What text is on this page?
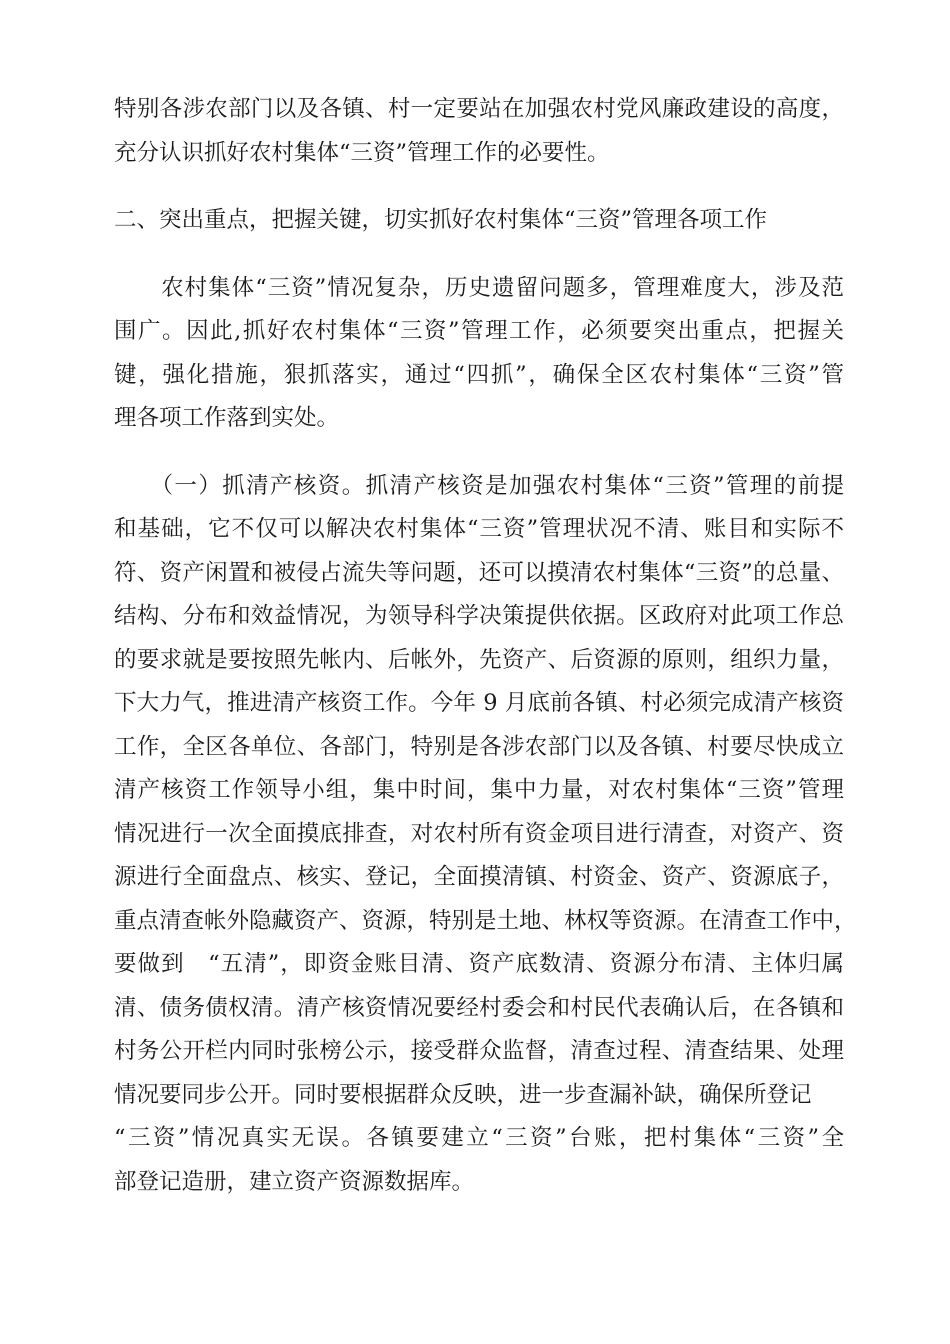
特别各涉农部门以及各镇、村一定要站在加强农村党风廉政建设的高度，
充分认识抓好农村集体“三资”管理工作的必要性。
二、突出重点，把握关键，切实抓好农村集体“三资”管理各项工作
　　农村集体“三资”情况复杂，历史遗留问题多，管理难度大，涉及范
围广。因此,抓好农村集体“三资”管理工作，必须要突出重点，把握关
键，强化措施，狠抓落实，通过“四抓”，确保全区农村集体“三资”管
理各项工作落到实处。
　　（一）抓清产核资。抓清产核资是加强农村集体“三资”管理的前提
和基础，它不仅可以解决农村集体“三资”管理状况不清、账目和实际不
符、资产闲置和被侵占流失等问题，还可以摸清农村集体“三资”的总量、
结构、分布和效益情况，为领导科学决策提供依据。区政府对此项工作总
的要求就是要按照先帐内、后帐外，先资产、后资源的原则，组织力量，
下大力气，推进清产核资工作。今年 9 月底前各镇、村必须完成清产核资
工作，全区各单位、各部门，特别是各涉农部门以及各镇、村要尽快成立
清产核资工作领导小组，集中时间，集中力量，对农村集体“三资”管理
情况进行一次全面摸底排查，对农村所有资金项目进行清查，对资产、资
源进行全面盘点、核实、登记，全面摸清镇、村资金、资产、资源底子，
重点清查帐外隐藏资产、资源，特别是土地、林权等资源。在清查工作中，
要做到　“五清”，即资金账目清、资产底数清、资源分布清、主体归属
清、债务债权清。清产核资情况要经村委会和村民代表确认后，在各镇和
村务公开栏内同时张榜公示，接受群众监督，清查过程、清查结果、处理
情况要同步公开。同时要根据群众反映，进一步查漏补缺，确保所登记
“三资”情况真实无误。各镇要建立“三资”台账，把村集体“三资”全
部登记造册，建立资产资源数据库。
